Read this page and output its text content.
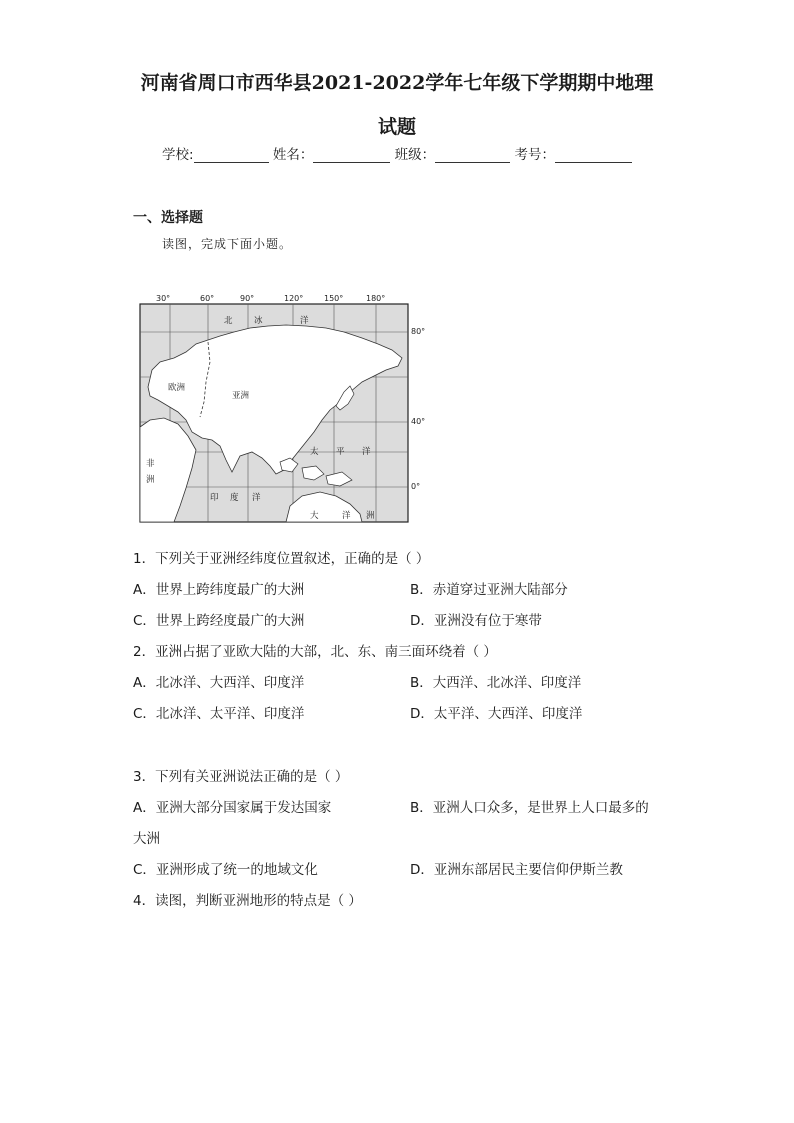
河南省周口市西华县2021-2022学年七年级下学期期中地理
试题
学校:	姓名：	班级：	考号：
一、选择题
读图，完成下面小题。
30°	60°	90°	120°	150°	180°
80°
40°
0°
北	冰	洋
欧洲
亚洲
非
洲
太 平 洋
印 度 洋
大	洋 洲
1．下列关于亚洲经纬度位置叙述，正确的是（ ）
A．世界上跨纬度最广的大洲	B．赤道穿过亚洲大陆部分
C．世界上跨经度最广的大洲	D．亚洲没有位于寒带
2．亚洲占据了亚欧大陆的大部，北、东、南三面环绕着（ ）
A．北冰洋、大西洋、印度洋	B．大西洋、北冰洋、印度洋
C．北冰洋、太平洋、印度洋	D．太平洋、大西洋、印度洋
3．下列有关亚洲说法正确的是（ ）
A．亚洲大部分国家属于发达国家	B．亚洲人口众多，是世界上人口最多的
大洲
C．亚洲形成了统一的地域文化	D．亚洲东部居民主要信仰伊斯兰教
4．读图，判断亚洲地形的特点是（ ）
